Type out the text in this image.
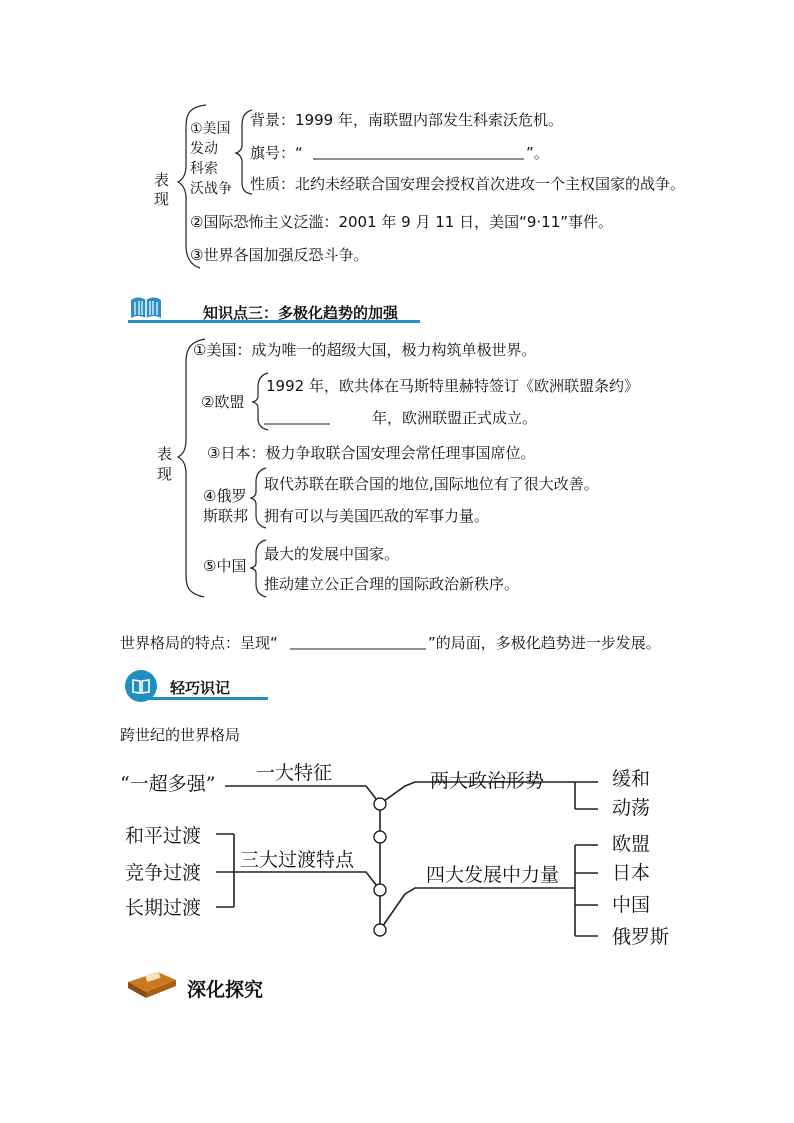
表
现
①美国
发动
科索
沃战争
背景：1999 年，南联盟内部发生科索沃危机。
旗号：“	”。
性质：北约未经联合国安理会授权首次进攻一个主权国家的战争。
②国际恐怖主义泛滥：2001 年 9 月 11 日，美国“9·11”事件。
③世界各国加强反恐斗争。
知识点三：多极化趋势的加强
表
现
①美国：成为唯一的超级大国，极力构筑单极世界。
②欧盟
1992 年，欧共体在马斯特里赫特签订《欧洲联盟条约》
年，欧洲联盟正式成立。
③日本：极力争取联合国安理会常任理事国席位。
④俄罗
斯联邦
取代苏联在联合国的地位,国际地位有了很大改善。
拥有可以与美国匹敌的军事力量。
⑤中国
最大的发展中国家。
推动建立公正合理的国际政治新秩序。
世界格局的特点：呈现“	”的局面，多极化趋势进一步发展。
轻巧识记
跨世纪的世界格局
“一超多强” 一大特征	两大政治形势	缓和
动荡
和平过渡
竞争过渡
长期过渡
三大过渡特点
四大发展中力量
欧盟
日本
中国
俄罗斯
深化探究
